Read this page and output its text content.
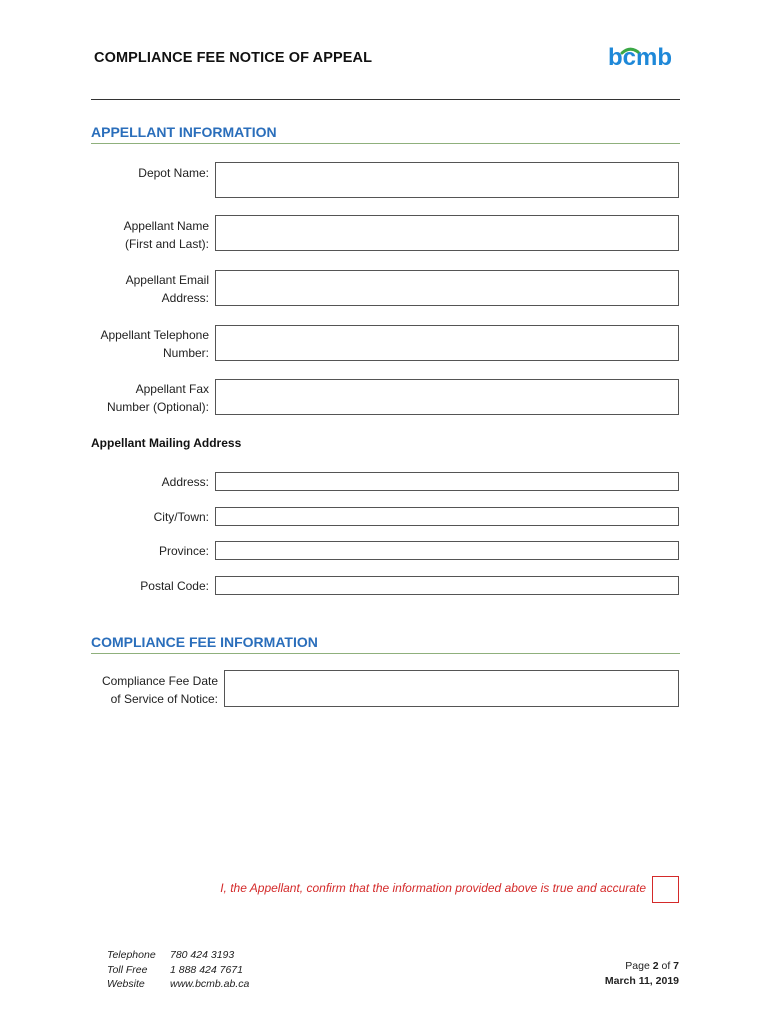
COMPLIANCE FEE NOTICE OF APPEAL	bcmb
APPELLANT INFORMATION
Depot Name:
Appellant Name
(First and Last):
Appellant Email
Address:
Appellant Telephone
Number:
Appellant Fax
Number (Optional):
Appellant Mailing Address
Address:
City/Town:
Province:
Postal Code:
COMPLIANCE FEE INFORMATION
Compliance Fee Date
of Service of Notice:
I, the Appellant, confirm that the information provided above is true and accurate
Telephone	780 424 3193
Toll Free	1 888 424 7671
Website	www.bcmb.ab.ca
Page 2 of 7
March 11, 2019
